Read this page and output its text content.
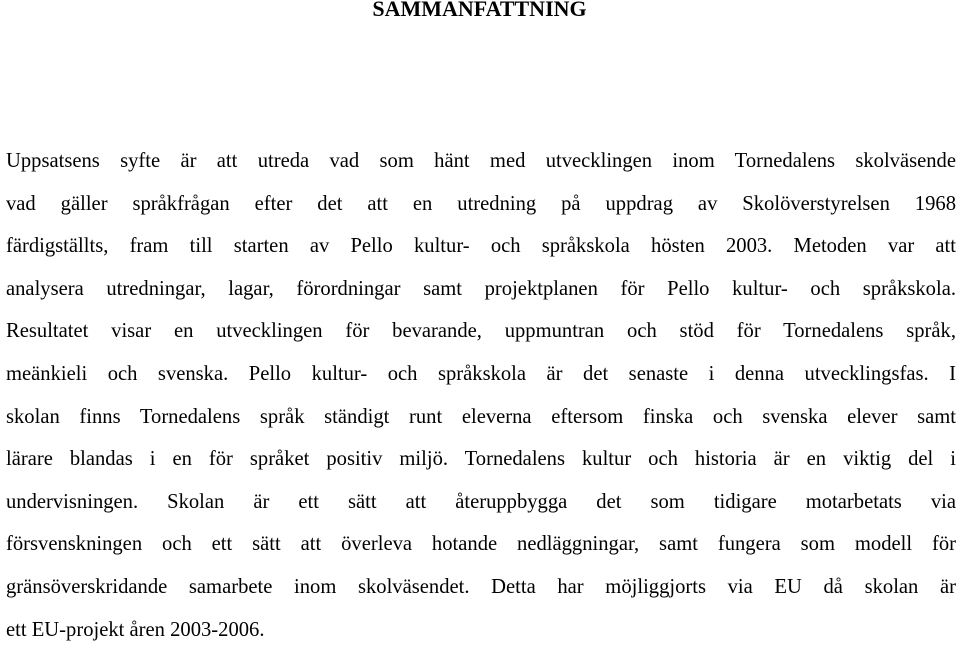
SAMMANFATTNING
Uppsatsens syfte är att utreda vad som hänt med utvecklingen inom Tornedalens skolväsende
vad gäller språkfrågan efter det att en utredning på uppdrag av Skolöverstyrelsen 1968
färdigställts, fram till starten av Pello kultur- och språkskola hösten 2003. Metoden var att
analysera utredningar, lagar, förordningar samt projektplanen för Pello kultur- och språkskola.
Resultatet visar en utvecklingen för bevarande, uppmuntran och stöd för Tornedalens språk,
meänkieli och svenska. Pello kultur- och språkskola är det senaste i denna utvecklingsfas. I
skolan finns Tornedalens språk ständigt runt eleverna eftersom finska och svenska elever samt
lärare blandas i en för språket positiv miljö. Tornedalens kultur och historia är en viktig del i
undervisningen. Skolan är ett sätt att återuppbygga det som tidigare motarbetats via
försvenskningen och ett sätt att överleva hotande nedläggningar, samt fungera som modell för
gränsöverskridande samarbete inom skolväsendet. Detta har möjliggjorts via EU då skolan är
ett EU-projekt åren 2003-2006.
